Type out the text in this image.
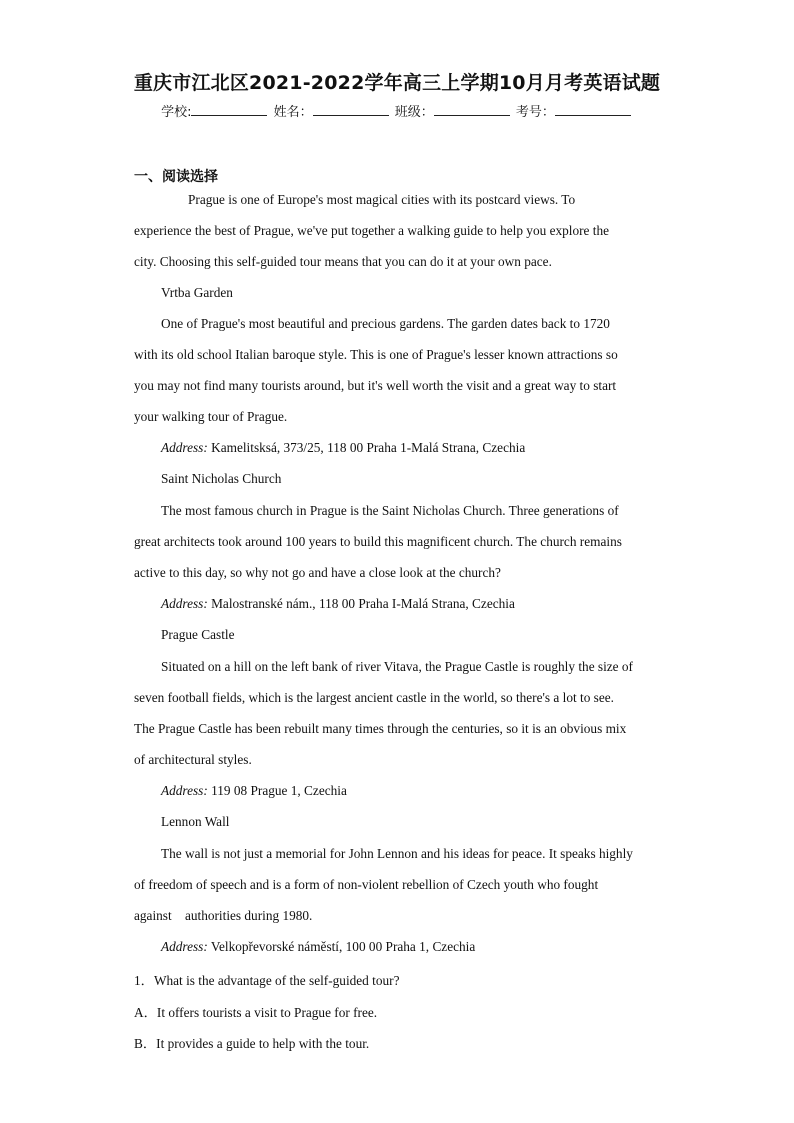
重庆市江北区2021-2022学年高三上学期10月月考英语试题
学校:	姓名：	班级：	考号：
一、阅读选择
Prague is one of Europe's most magical cities with its postcard views. To
experience the best of Prague, we've put together a walking guide to help you explore the
city. Choosing this self-guided tour means that you can do it at your own pace.
Vrtba Garden
One of Prague's most beautiful and precious gardens. The garden dates back to 1720
with its old school Italian baroque style. This is one of Prague's lesser known attractions so
you may not find many tourists around, but it's well worth the visit and a great way to start
your walking tour of Prague.
Address: Kamelitsksá, 373/25, 118 00 Praha 1-Malá Strana, Czechia
Saint Nicholas Church
The most famous church in Prague is the Saint Nicholas Church. Three generations of
great architects took around 100 years to build this magnificent church. The church remains
active to this day, so why not go and have a close look at the church?
Address: Malostranské nám., 118 00 Praha I-Malá Strana, Czechia
Prague Castle
Situated on a hill on the left bank of river Vitava, the Prague Castle is roughly the size of
seven football fields, which is the largest ancient castle in the world, so there's a lot to see.
The Prague Castle has been rebuilt many times through the centuries, so it is an obvious mix
of architectural styles.
Address: 119 08 Prague 1, Czechia
Lennon Wall
The wall is not just a memorial for John Lennon and his ideas for peace. It speaks highly
of freedom of speech and is a form of non-violent rebellion of Czech youth who fought
against    authorities during 1980.
Address: Velkopřevorské náměstí, 100 00 Praha 1, Czechia
1．What is the advantage of the self-guided tour?
A．It offers tourists a visit to Prague for free.
B．It provides a guide to help with the tour.
